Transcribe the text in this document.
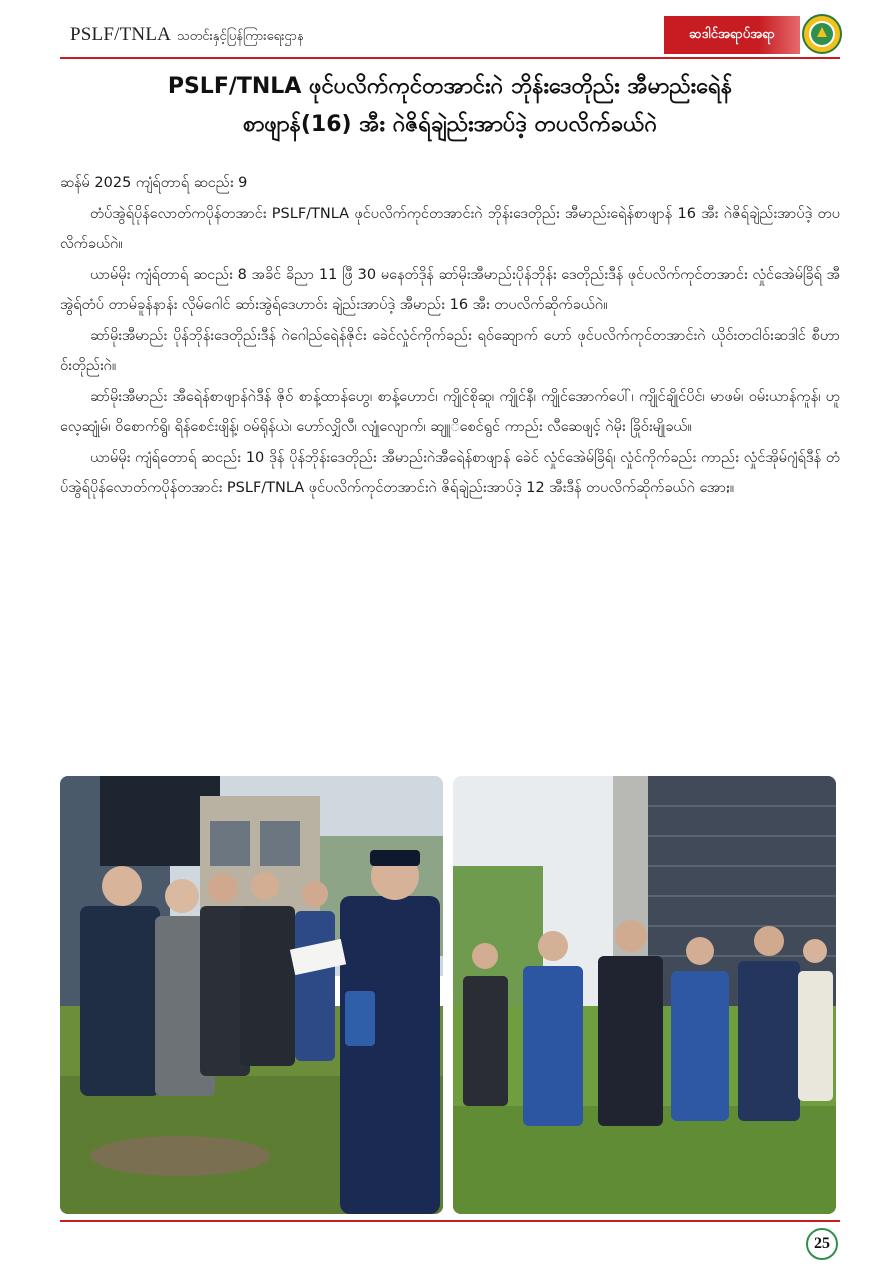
PSLF/TNLA သတင်းနှင့်ပြန်ကြားရေးဌာန	ဆဒါင်အရာပ်အရာ
PSLF/TNLA ဖုင်ပလိက်ကုင်တအာင်းဂဲ ဘိုန်းဒေတိုည်း အီမာည်းရေဲန်
စာဖျာန်(16) အီး ဂဲဇိရ်ချဲည်းအာပ်ဒဲ့ တပလိက်ခယ်ဂဲ
ဆန်မ် 2025 ကျံရ်တာရ် ဆငည်း 9

တံပ်အွဲရ်ပိုန်လောတ်ကပိုန်တအာင်း PSLF/TNLA ဖုင်ပလိက်ကုင်တအာင်းဂဲ ဘိုန်းဒေတိုည်း အီမာည်းရေဲန်စာဖျာန် 16 အီး ဂဲဇိရ်ချဲည်းအာပ်ဒဲ့ တပလိက်ခယ်ဂဲ။

ယာမ်မိုး ကျံရ်တာရ် ဆငည်း 8 အခိင် ခိညာ 11 ဖြီ 30 မနေတ်ဒိုန် ဆာ်မိုးအီမာည်းပိုန်ဘိုန်း ဒေတိုည်းဒီန် ဖုင်ပလိက်ကုင်တအာင်း လှုံင်အေဲမ်ခြိရ် အီအွဲရ်တံပ် တာမ်ခူန်နာန်း လိုမ်ဂေါင် ဆာ်းအွဲရ်ဒေဟာဝ်း ချဲည်းအာပ်ဒဲ့ အီမာည်း 16 အီး တပလိက်ဆိုက်ခယ်ဂဲ။

ဆာ်မိုးအီမာည်း ပိုန်ဘိုန်းဒေတိုည်းဒီန် ဂဲဂေါည်ရေဲန်ဇိုင်း ခေဲင်လှုံင်ကိုက်ခည်း ရဝ်ဆျောက် ဟော် ဖုင်ပလိက်ကုင်တအာင်းဂဲ ယိုဝ်းတငါဝ်းဆဒါင် စီဟာဝ်းတိုည်းဂဲ။

ဆာ်မိုးအီမာည်း အီရေဲန်စာဖျာန်ဂဲဒီန် ဇိုဝ် စာန့်ထာန်ဟွေ၊ စာန့်ဟောင်၊ ကျိုင်စိုဆူ၊ ကျိုင်နီ၊ ကျိုင်အောက်ပေါ်၊ ကျိုင်ချိုင်ပိင်၊ မာဖမ်၊ ဝမ်းယာန်ကူန်၊ ဟူလေ့ဆျုံမ်၊ ဝိစောက်ရွိ၊ ရိန်စေင်းဖျိန့်၊ ဝမ်ရိုန်ယဲ၊ ဟော်လျှိလီ၊ လျုံလျောက်၊ ဆျူိစေင်ရွင် ကာည်း လီဆေဖျင့် ဂဲမိုး ခြိုဝ်းမျိုခယ်။

ယာမ်မိုး ကျံရ်တောရ် ဆငည်း 10 ဒိုန် ပိုန်ဘိုန်းဒေတိုည်း အီမာည်းဂဲအီရေဲန်စာဖျာန် ခေဲင် လှုံင်အေဲမ်ခြိရ်၊ လှုံင်ကိုက်ခည်း ကာည်း လှုံင်အိုမ်ဂျံရ်ဒီန် တံပ်အွဲရ်ပိုန်လောတ်ကပိုန်တအာင်း PSLF/TNLA ဖုင်ပလိက်ကုင်တအာင်းဂဲ ဇိရ်ချဲည်းအာပ်ဒဲ့ 12 အီးဒီန် တပလိက်ဆိုက်ခယ်ဂဲ အောႏ။

25
